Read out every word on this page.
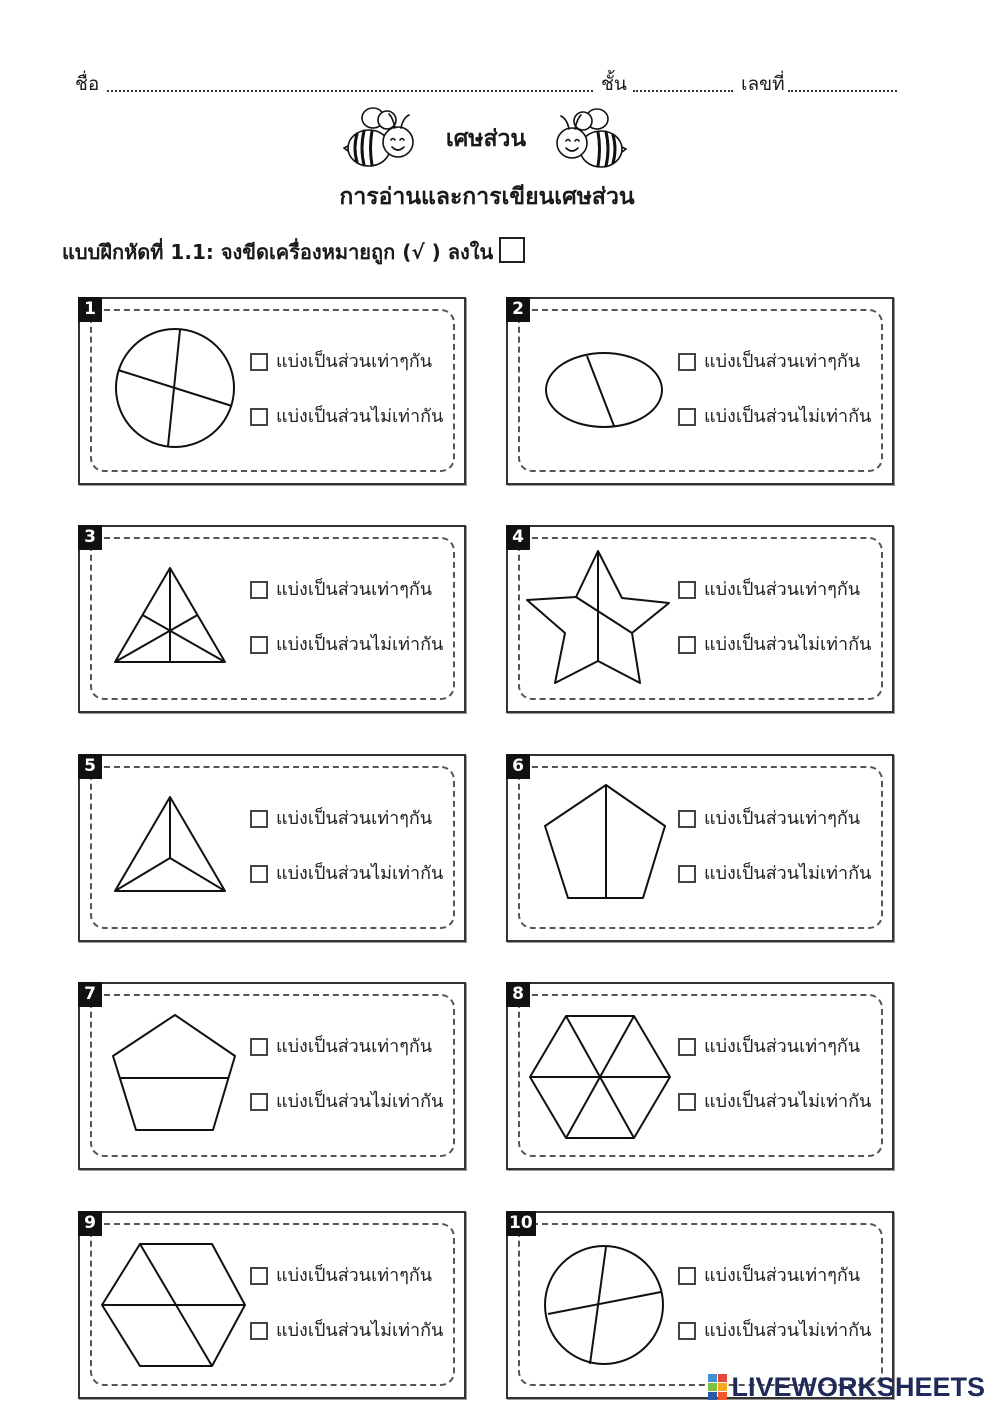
ชื่อ	ชั้น	เลขที่
เศษส่วน
การอ่านและการเขียนเศษส่วน
แบบฝึกหัดที่ 1.1: จงขีดเครื่องหมายถูก (√ ) ลงใน
1
แบ่งเป็นส่วนเท่าๆกัน
แบ่งเป็นส่วนไม่เท่ากัน
2
แบ่งเป็นส่วนเท่าๆกัน
แบ่งเป็นส่วนไม่เท่ากัน
3
แบ่งเป็นส่วนเท่าๆกัน
แบ่งเป็นส่วนไม่เท่ากัน
4
แบ่งเป็นส่วนเท่าๆกัน
แบ่งเป็นส่วนไม่เท่ากัน
5
แบ่งเป็นส่วนเท่าๆกัน
แบ่งเป็นส่วนไม่เท่ากัน
6
แบ่งเป็นส่วนเท่าๆกัน
แบ่งเป็นส่วนไม่เท่ากัน
7
แบ่งเป็นส่วนเท่าๆกัน
แบ่งเป็นส่วนไม่เท่ากัน
8
แบ่งเป็นส่วนเท่าๆกัน
แบ่งเป็นส่วนไม่เท่ากัน
9
แบ่งเป็นส่วนเท่าๆกัน
แบ่งเป็นส่วนไม่เท่ากัน
10
แบ่งเป็นส่วนเท่าๆกัน
แบ่งเป็นส่วนไม่เท่ากัน
LIVEWORKSHEETS
